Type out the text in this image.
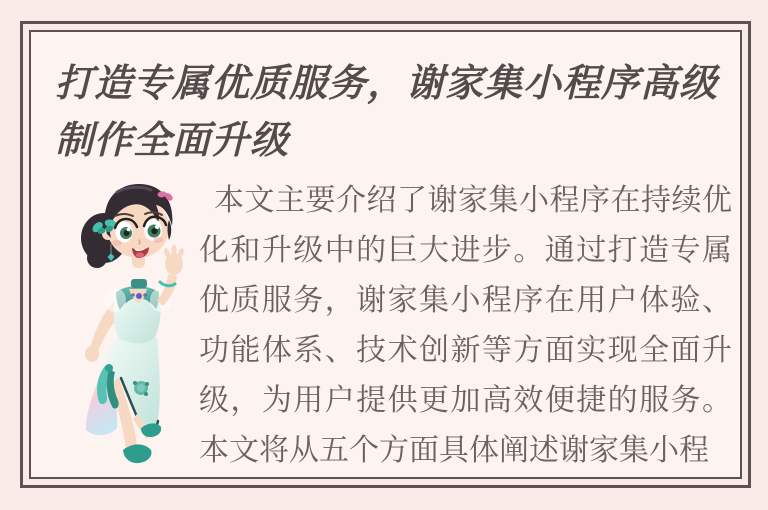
打造专属优质服务，谢家集小程序高级制作全面升级

本文主要介绍了谢家集小程序在持续优化和升级中的巨大进步。通过打造专属优质服务，谢家集小程序在用户体验、功能体系、技术创新等方面实现全面升级，为用户提供更加高效便捷的服务。本文将从五个方面具体阐述谢家集小程
